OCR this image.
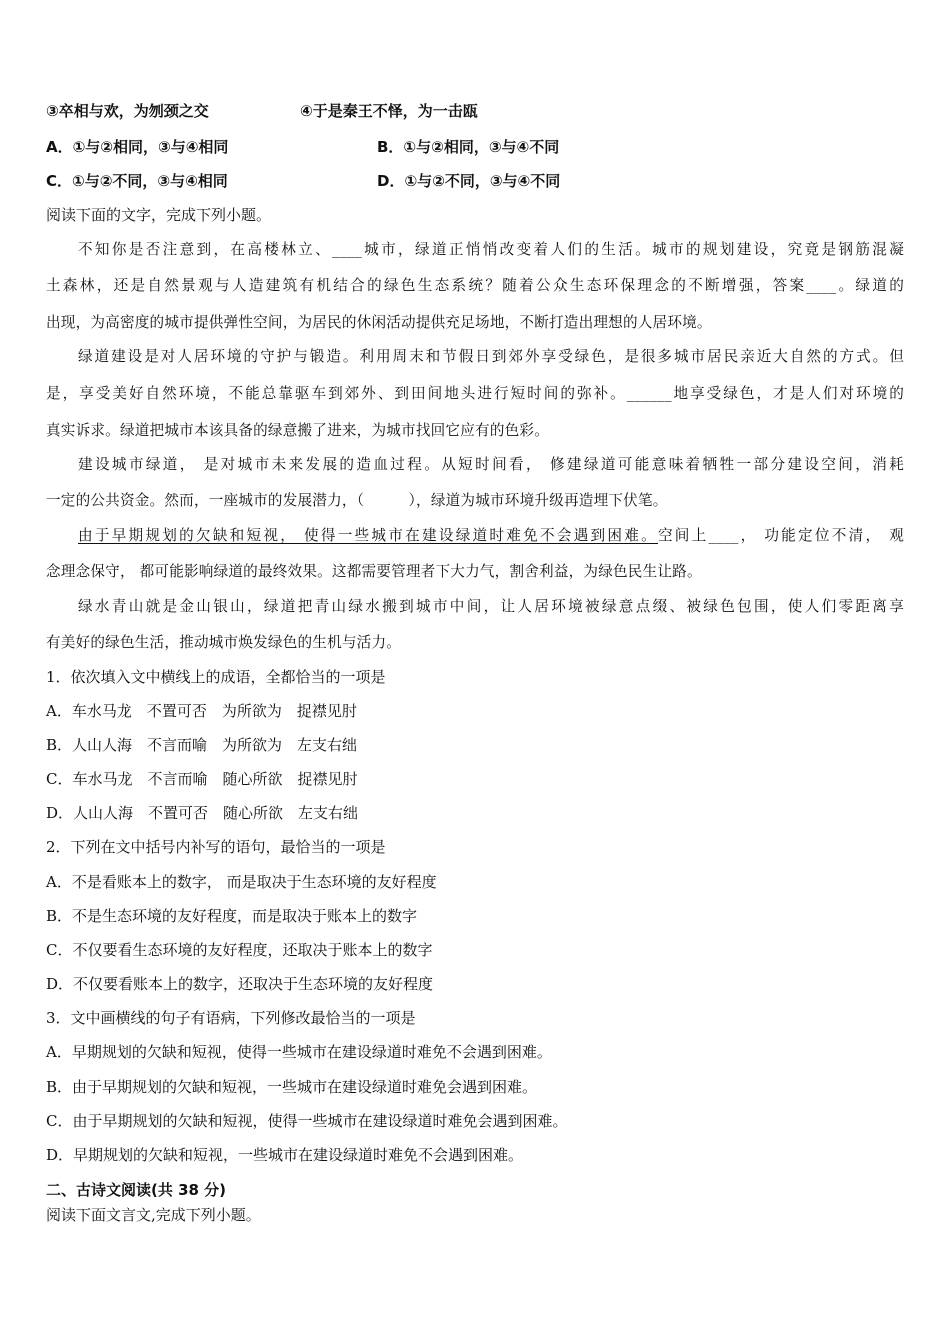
③卒相与欢，为刎颈之交	④于是秦王不怿，为一击瓯
A．①与②相同，③与④相同	B．①与②相同，③与④不同
C．①与②不同，③与④相同	D．①与②不同，③与④不同
阅读下面的文字，完成下列小题。
不知你是否注意到，在高楼林立、____城市，绿道正悄悄改变着人们的生活。城市的规划建设，究竟是钢筋混凝
土森林，还是自然景观与人造建筑有机结合的绿色生态系统？随着公众生态环保理念的不断增强，答案____。绿道的
出现，为高密度的城市提供弹性空间，为居民的休闲活动提供充足场地，不断打造出理想的人居环境。
绿道建设是对人居环境的守护与锻造。利用周末和节假日到郊外享受绿色，是很多城市居民亲近大自然的方式。但
是，享受美好自然环境，不能总靠驱车到郊外、到田间地头进行短时间的弥补。______地享受绿色，才是人们对环境的
真实诉求。绿道把城市本该具备的绿意搬了进来，为城市找回它应有的色彩。
建设城市绿道， 是对城市未来发展的造血过程。从短时间看， 修建绿道可能意味着牺牲一部分建设空间，消耗
一定的公共资金。然而，一座城市的发展潜力，（　　　），绿道为城市环境升级再造埋下伏笔。
由于早期规划的欠缺和短视， 使得一些城市在建设绿道时难免不会遇到困难。空间上____， 功能定位不清， 观
念理念保守， 都可能影响绿道的最终效果。这都需要管理者下大力气，割舍利益，为绿色民生让路。
绿水青山就是金山银山，绿道把青山绿水搬到城市中间，让人居环境被绿意点缀、被绿色包围，使人们零距离享
有美好的绿色生活，推动城市焕发绿色的生机与活力。
1．依次填入文中横线上的成语，全都恰当的一项是
A．车水马龙　不置可否　为所欲为　捉襟见肘
B．人山人海　不言而喻　为所欲为　左支右绌
C．车水马龙　不言而喻　随心所欲　捉襟见肘
D．人山人海　不置可否　随心所欲　左支右绌
2．下列在文中括号内补写的语句，最恰当的一项是
A．不是看账本上的数字， 而是取决于生态环境的友好程度
B．不是生态环境的友好程度，而是取决于账本上的数字
C．不仅要看生态环境的友好程度，还取决于账本上的数字
D．不仅要看账本上的数字，还取决于生态环境的友好程度
3．文中画横线的句子有语病，下列修改最恰当的一项是
A．早期规划的欠缺和短视，使得一些城市在建设绿道时难免不会遇到困难。
B．由于早期规划的欠缺和短视，一些城市在建设绿道时难免会遇到困难。
C．由于早期规划的欠缺和短视，使得一些城市在建设绿道时难免会遇到困难。
D．早期规划的欠缺和短视，一些城市在建设绿道时难免不会遇到困难。
二、古诗文阅读(共 38 分)
阅读下面文言文,完成下列小题。
